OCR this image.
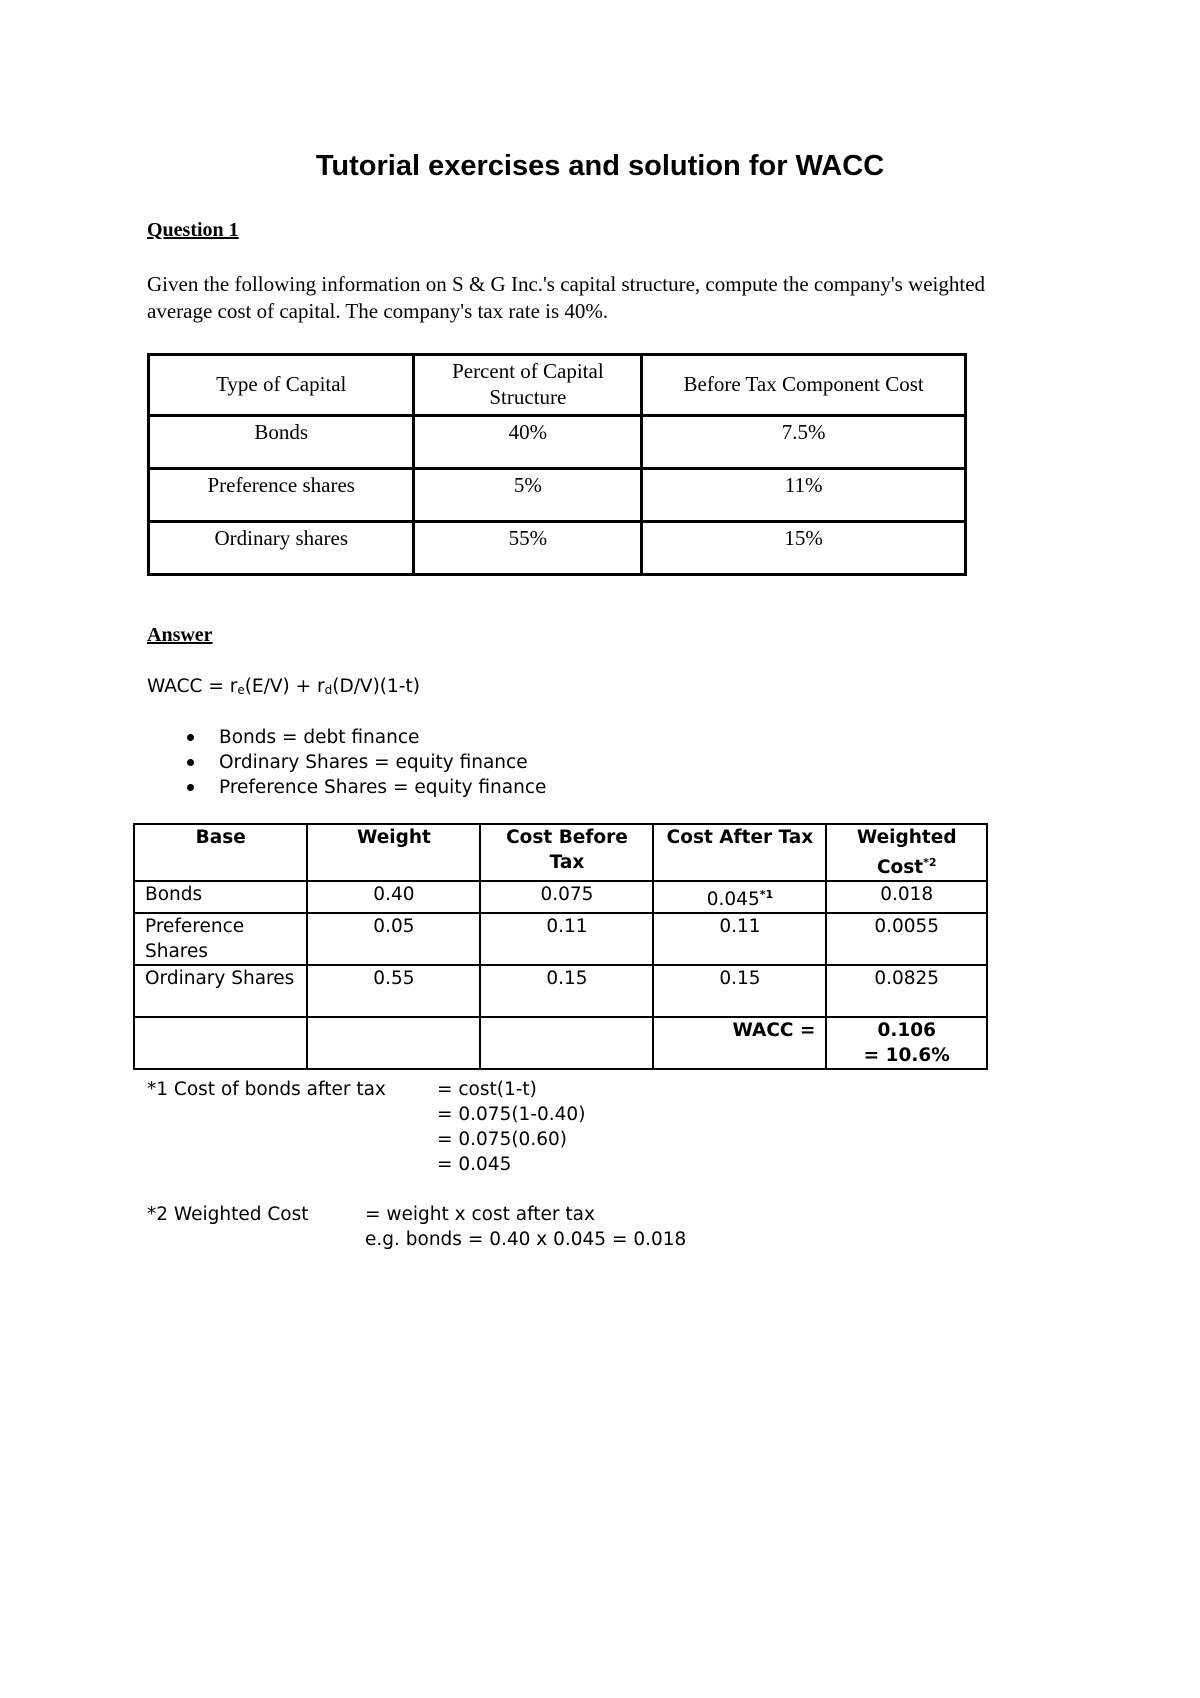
Tutorial exercises and solution for WACC
Question 1
Given the following information on S & G Inc.'s capital structure, compute the company's weighted average cost of capital. The company's tax rate is 40%.
Type of Capital	Percent of Capital Structure	Before Tax Component Cost
Bonds	40%	7.5%
Preference shares	5%	11%
Ordinary shares	55%	15%
Answer
WACC = $r_e(E/V) + r_d(D/V)(1-t)$
Bonds = debt finance
Ordinary Shares = equity finance
Preference Shares = equity finance
Base	Weight	Cost Before Tax	Cost After Tax	Weighted Cost$^{*2}$
Bonds	0.40	0.075	0.045$^{*1}$	0.018
Preference Shares	0.05	0.11	0.11	0.0055
Ordinary Shares	0.55	0.15	0.15	0.0825
			WACC =	0.106
= 10.6%
*1 Cost of bonds after tax	= cost(1-t)
= 0.075(1-0.40)
= 0.075(0.60)
= 0.045
*2 Weighted Cost	= weight x cost after tax
e.g. bonds = 0.40 x 0.045 = 0.018
